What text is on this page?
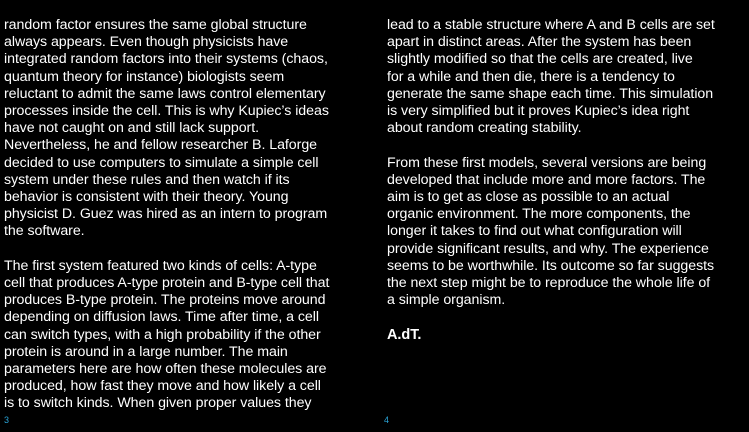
random factor ensures the same global structure
always appears. Even though physicists have
integrated random factors into their systems (chaos,
quantum theory for instance) biologists seem
reluctant to admit the same laws control elementary
processes inside the cell. This is why Kupiec’s ideas
have not caught on and still lack support.
Nevertheless, he and fellow researcher B. Laforge
decided to use computers to simulate a simple cell
system under these rules and then watch if its
behavior is consistent with their theory. Young
physicist D. Guez was hired as an intern to program
the software.

The first system featured two kinds of cells: A-type
cell that produces A-type protein and B-type cell that
produces B-type protein. The proteins move around
depending on diffusion laws. Time after time, a cell
can switch types, with a high probability if the other
protein is around in a large number. The main
parameters here are how often these molecules are
produced, how fast they move and how likely a cell
is to switch kinds. When given proper values they

3

lead to a stable structure where A and B cells are set
apart in distinct areas. After the system has been
slightly modified so that the cells are created, live
for a while and then die, there is a tendency to
generate the same shape each time. This simulation
is very simplified but it proves Kupiec’s idea right
about random creating stability.

From these first models, several versions are being
developed that include more and more factors. The
aim is to get as close as possible to an actual
organic environment. The more components, the
longer it takes to find out what configuration will
provide significant results, and why. The experience
seems to be worthwhile. Its outcome so far suggests
the next step might be to reproduce the whole life of
a simple organism.

A.dT.

4
